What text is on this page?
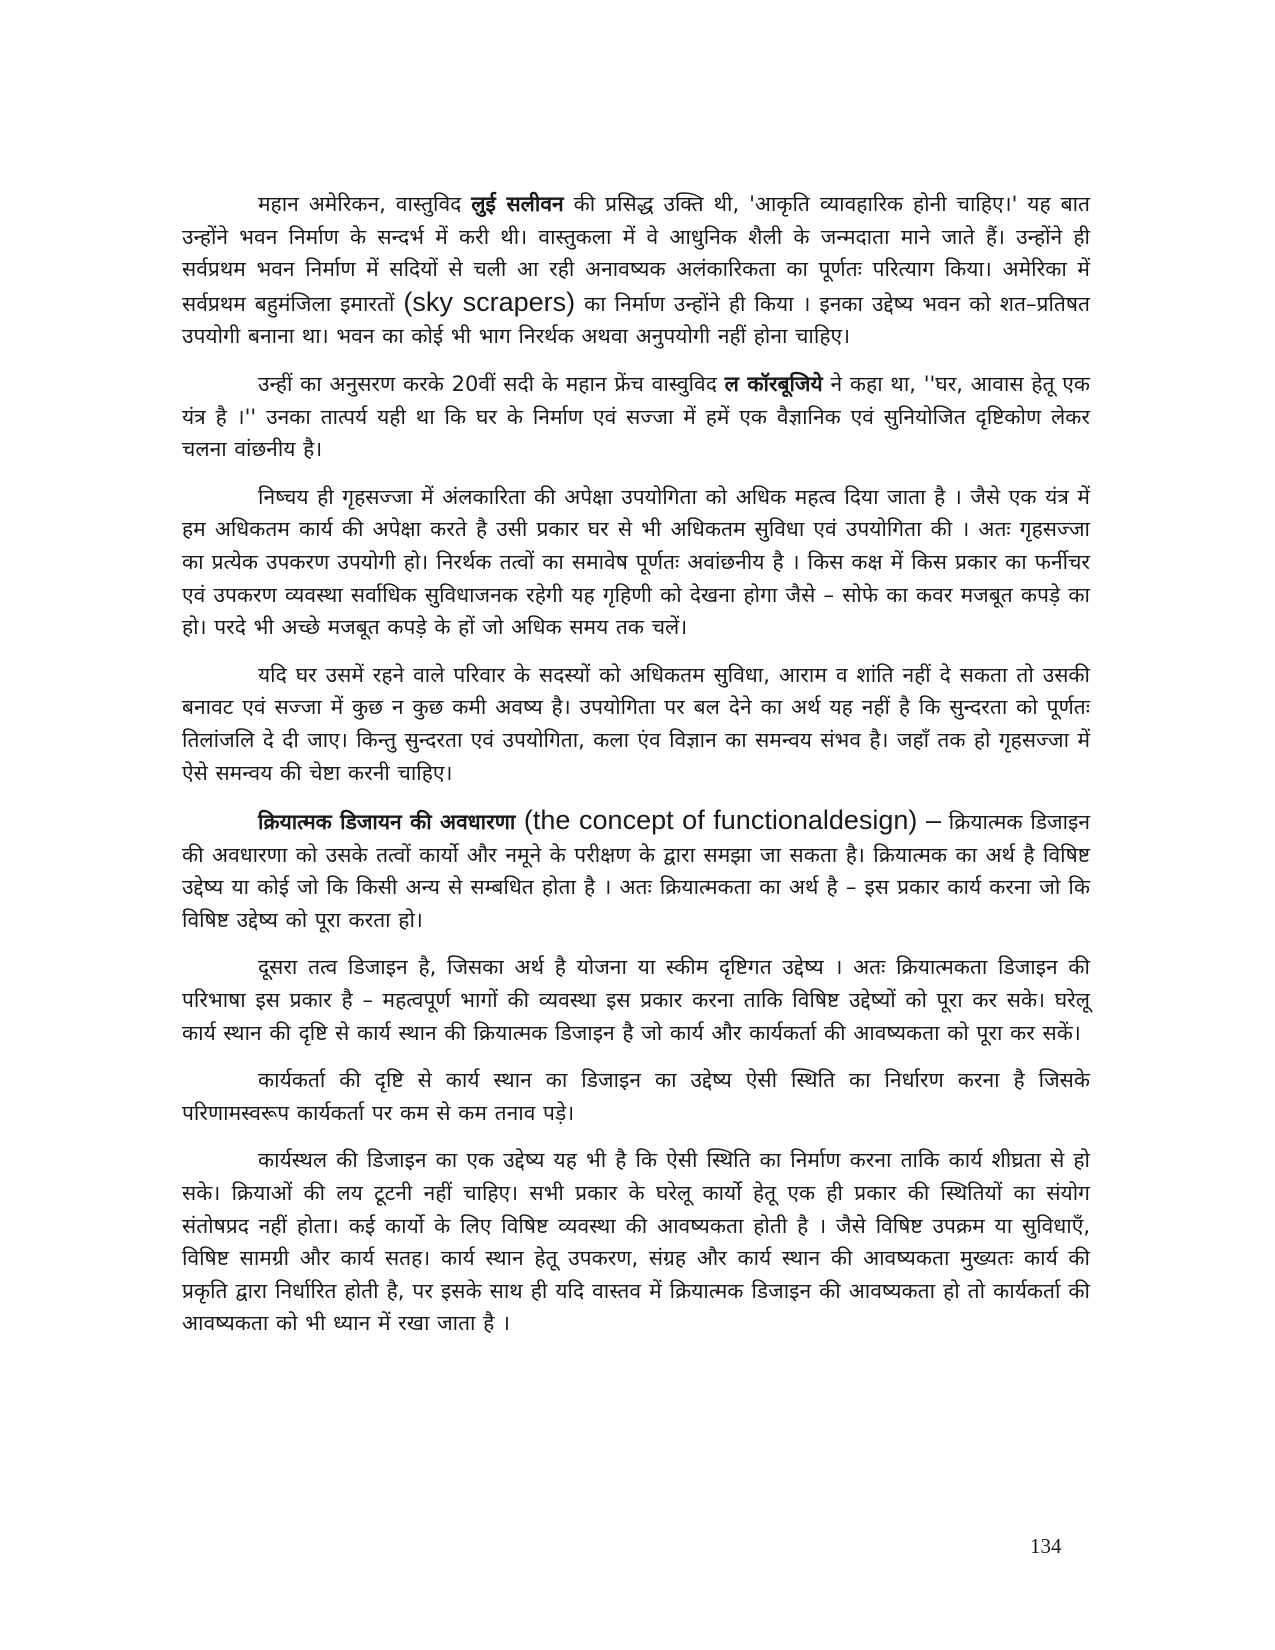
महान अमेरिकन, वास्तुविद लुई सलीवन की प्रसिद्ध उक्ति थी, 'आकृति व्यावहारिक होनी चाहिए।' यह बात उन्होंने भवन निर्माण के सन्दर्भ में करी थी। वास्तुकला में वे आधुनिक शैली के जन्मदाता माने जाते हैं। उन्होंने ही सर्वप्रथम भवन निर्माण में सदियों से चली आ रही अनावष्यक अलंकारिकता का पूर्णतः परित्याग किया। अमेरिका में सर्वप्रथम बहुमंजिला इमारतों (sky scrapers) का निर्माण उन्होंने ही किया । इनका उद्देष्य भवन को शत–प्रतिषत उपयोगी बनाना था। भवन का कोई भी भाग निरर्थक अथवा अनुपयोगी नहीं होना चाहिए।

उन्हीं का अनुसरण करके 20वीं सदी के महान फ्रेंच वास्वुविद ल कॉरबूजिये ने कहा था, ''घर, आवास हेतू एक यंत्र है ।'' उनका तात्पर्य यही था कि घर के निर्माण एवं सज्जा में हमें एक वैज्ञानिक एवं सुनियोजित दृष्टिकोण लेकर चलना वांछनीय है।

निष्चय ही गृहसज्जा में अंलकारिता की अपेक्षा उपयोगिता को अधिक महत्व दिया जाता है । जैसे एक यंत्र में हम अधिकतम कार्य की अपेक्षा करते है उसी प्रकार घर से भी अधिकतम सुविधा एवं उपयोगिता की । अतः गृहसज्जा का प्रत्येक उपकरण उपयोगी हो। निरर्थक तत्वों का समावेष पूर्णतः अवांछनीय है । किस कक्ष में किस प्रकार का फर्नीचर एवं उपकरण व्यवस्था सर्वाधिक सुविधाजनक रहेगी यह गृहिणी को देखना होगा जैसे – सोफे का कवर मजबूत कपड़े का हो। परदे भी अच्छे मजबूत कपड़े के हों जो अधिक समय तक चलें।

यदि घर उसमें रहने वाले परिवार के सदस्यों को अधिकतम सुविधा, आराम व शांति नहीं दे सकता तो उसकी बनावट एवं सज्जा में कुछ न कुछ कमी अवष्य है। उपयोगिता पर बल देने का अर्थ यह नहीं है कि सुन्दरता को पूर्णतः तिलांजलि दे दी जाए। किन्तु सुन्दरता एवं उपयोगिता, कला एंव विज्ञान का समन्वय संभव है। जहाँ तक हो गृहसज्जा में ऐसे समन्वय की चेष्टा करनी चाहिए।

क्रियात्मक डिजायन की अवधारणा (the concept of functionaldesign) – क्रियात्मक डिजाइन की अवधारणा को उसके तत्वों कार्यो और नमूने के परीक्षण के द्वारा समझा जा सकता है। क्रियात्मक का अर्थ है विषिष्ट उद्देष्य या कोई जो कि किसी अन्य से सम्बधित होता है । अतः क्रियात्मकता का अर्थ है – इस प्रकार कार्य करना जो कि विषिष्ट उद्देष्य को पूरा करता हो।

दूसरा तत्व डिजाइन है, जिसका अर्थ है योजना या स्कीम दृष्टिगत उद्देष्य । अतः क्रियात्मकता डिजाइन की परिभाषा इस प्रकार है – महत्वपूर्ण भागों की व्यवस्था इस प्रकार करना ताकि विषिष्ट उद्देष्यों को पूरा कर सके। घरेलू कार्य स्थान की दृष्टि से कार्य स्थान की क्रियात्मक डिजाइन है जो कार्य और कार्यकर्ता की आवष्यकता को पूरा कर सकें।

कार्यकर्ता की दृष्टि से कार्य स्थान का डिजाइन का उद्देष्य ऐसी स्थिति का निर्धारण करना है जिसके परिणामस्वरूप कार्यकर्ता पर कम से कम तनाव पड़े।

कार्यस्थल की डिजाइन का एक उद्देष्य यह भी है कि ऐसी स्थिति का निर्माण करना ताकि कार्य शीघ्रता से हो सके। क्रियाओं की लय टूटनी नहीं चाहिए। सभी प्रकार के घरेलू कार्यो हेतू एक ही प्रकार की स्थितियों का संयोग संतोषप्रद नहीं होता। कई कार्यो के लिए विषिष्ट व्यवस्था की आवष्यकता होती है । जैसे विषिष्ट उपक्रम या सुविधाएँ, विषिष्ट सामग्री और कार्य सतह। कार्य स्थान हेतू उपकरण, संग्रह और कार्य स्थान की आवष्यकता मुख्यतः कार्य की प्रकृति द्वारा निर्धारित होती है, पर इसके साथ ही यदि वास्तव में क्रियात्मक डिजाइन की आवष्यकता हो तो कार्यकर्ता की आवष्यकता को भी ध्यान में रखा जाता है ।

134
